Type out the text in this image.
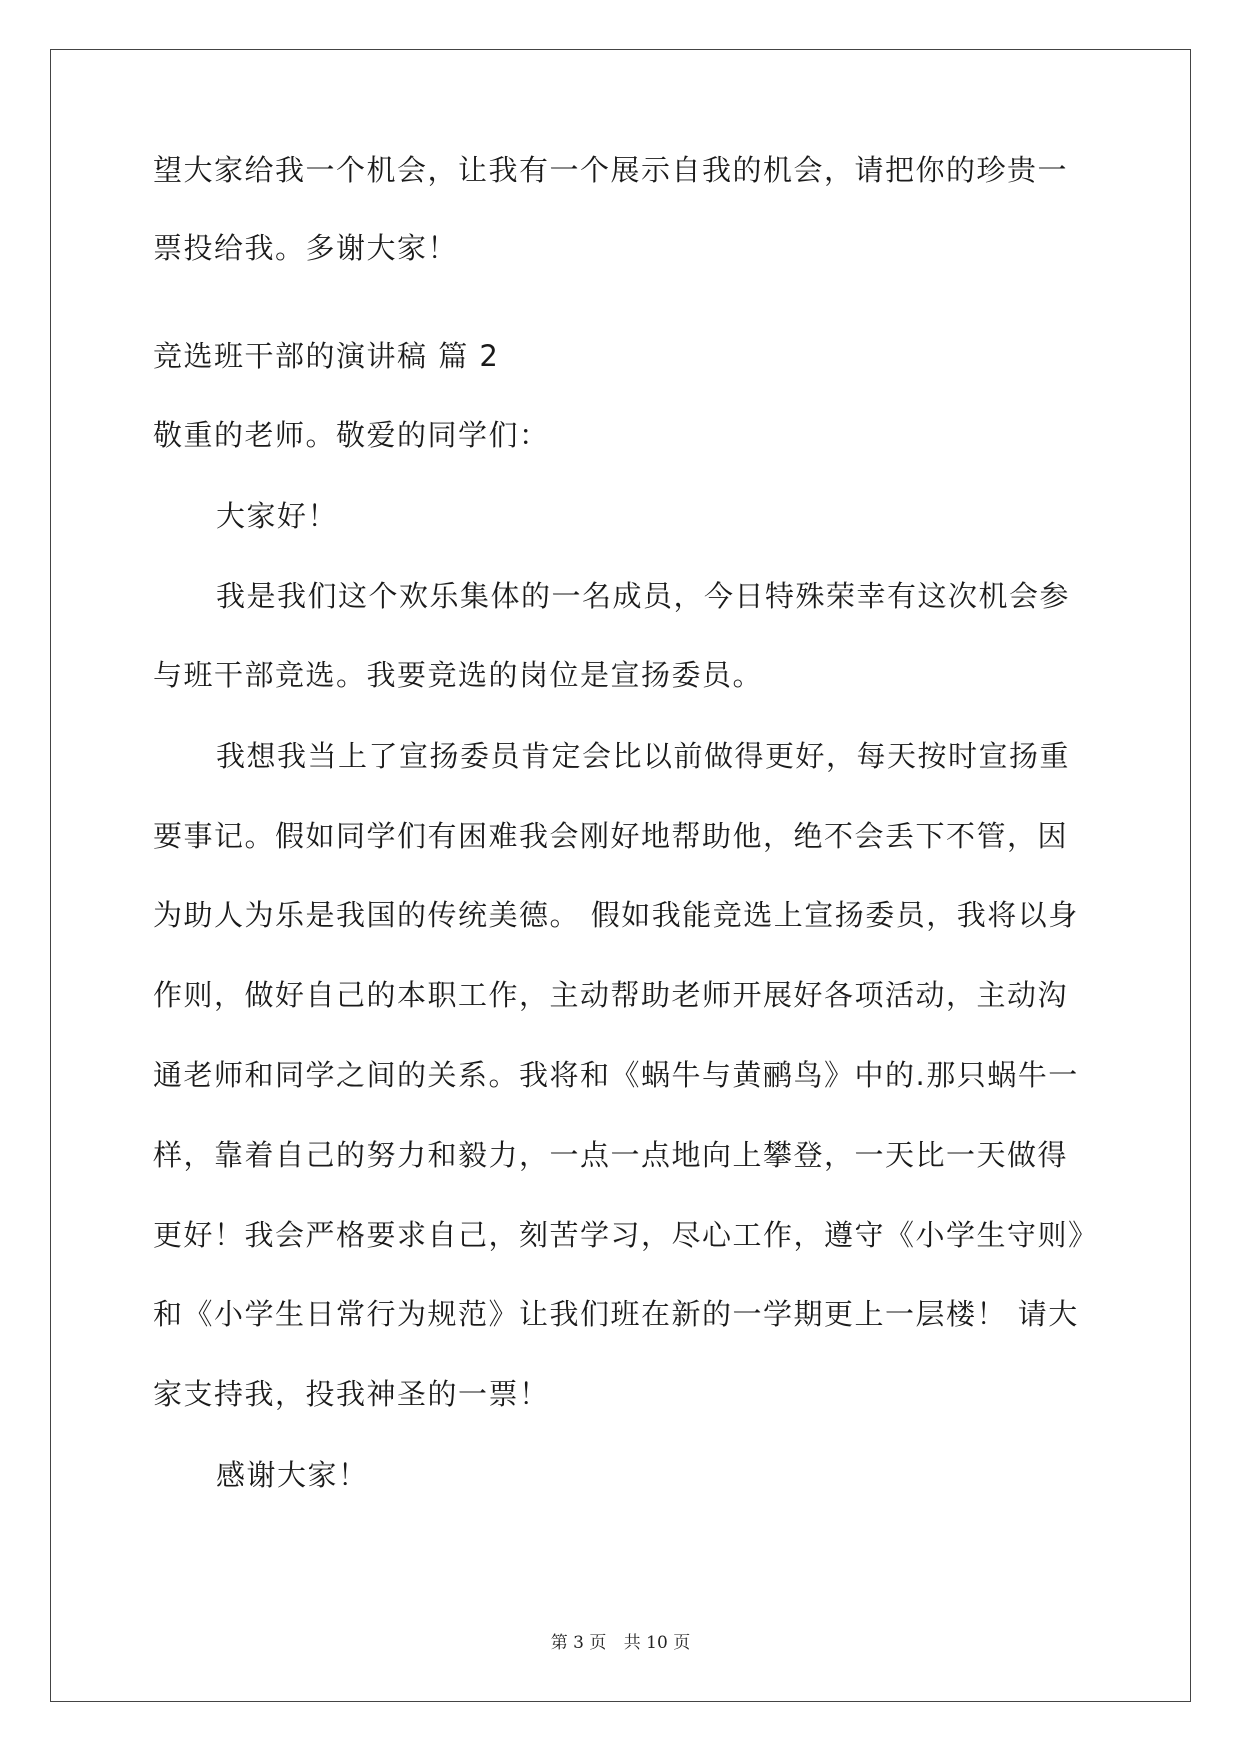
望大家给我一个机会，让我有一个展示自我的机会，请把你的珍贵一
票投给我。多谢大家！
竞选班干部的演讲稿 篇 2
敬重的老师。敬爱的同学们：
大家好！
我是我们这个欢乐集体的一名成员，今日特殊荣幸有这次机会参
与班干部竞选。我要竞选的岗位是宣扬委员。
我想我当上了宣扬委员肯定会比以前做得更好，每天按时宣扬重
要事记。假如同学们有困难我会刚好地帮助他，绝不会丢下不管，因
为助人为乐是我国的传统美德。 假如我能竞选上宣扬委员，我将以身
作则，做好自己的本职工作，主动帮助老师开展好各项活动，主动沟
通老师和同学之间的关系。我将和《蜗牛与黄鹂鸟》中的.那只蜗牛一
样，靠着自己的努力和毅力，一点一点地向上攀登，一天比一天做得
更好！我会严格要求自己，刻苦学习，尽心工作，遵守《小学生守则》
和《小学生日常行为规范》让我们班在新的一学期更上一层楼！ 请大
家支持我，投我神圣的一票！
感谢大家！
第 3 页 共 10 页
